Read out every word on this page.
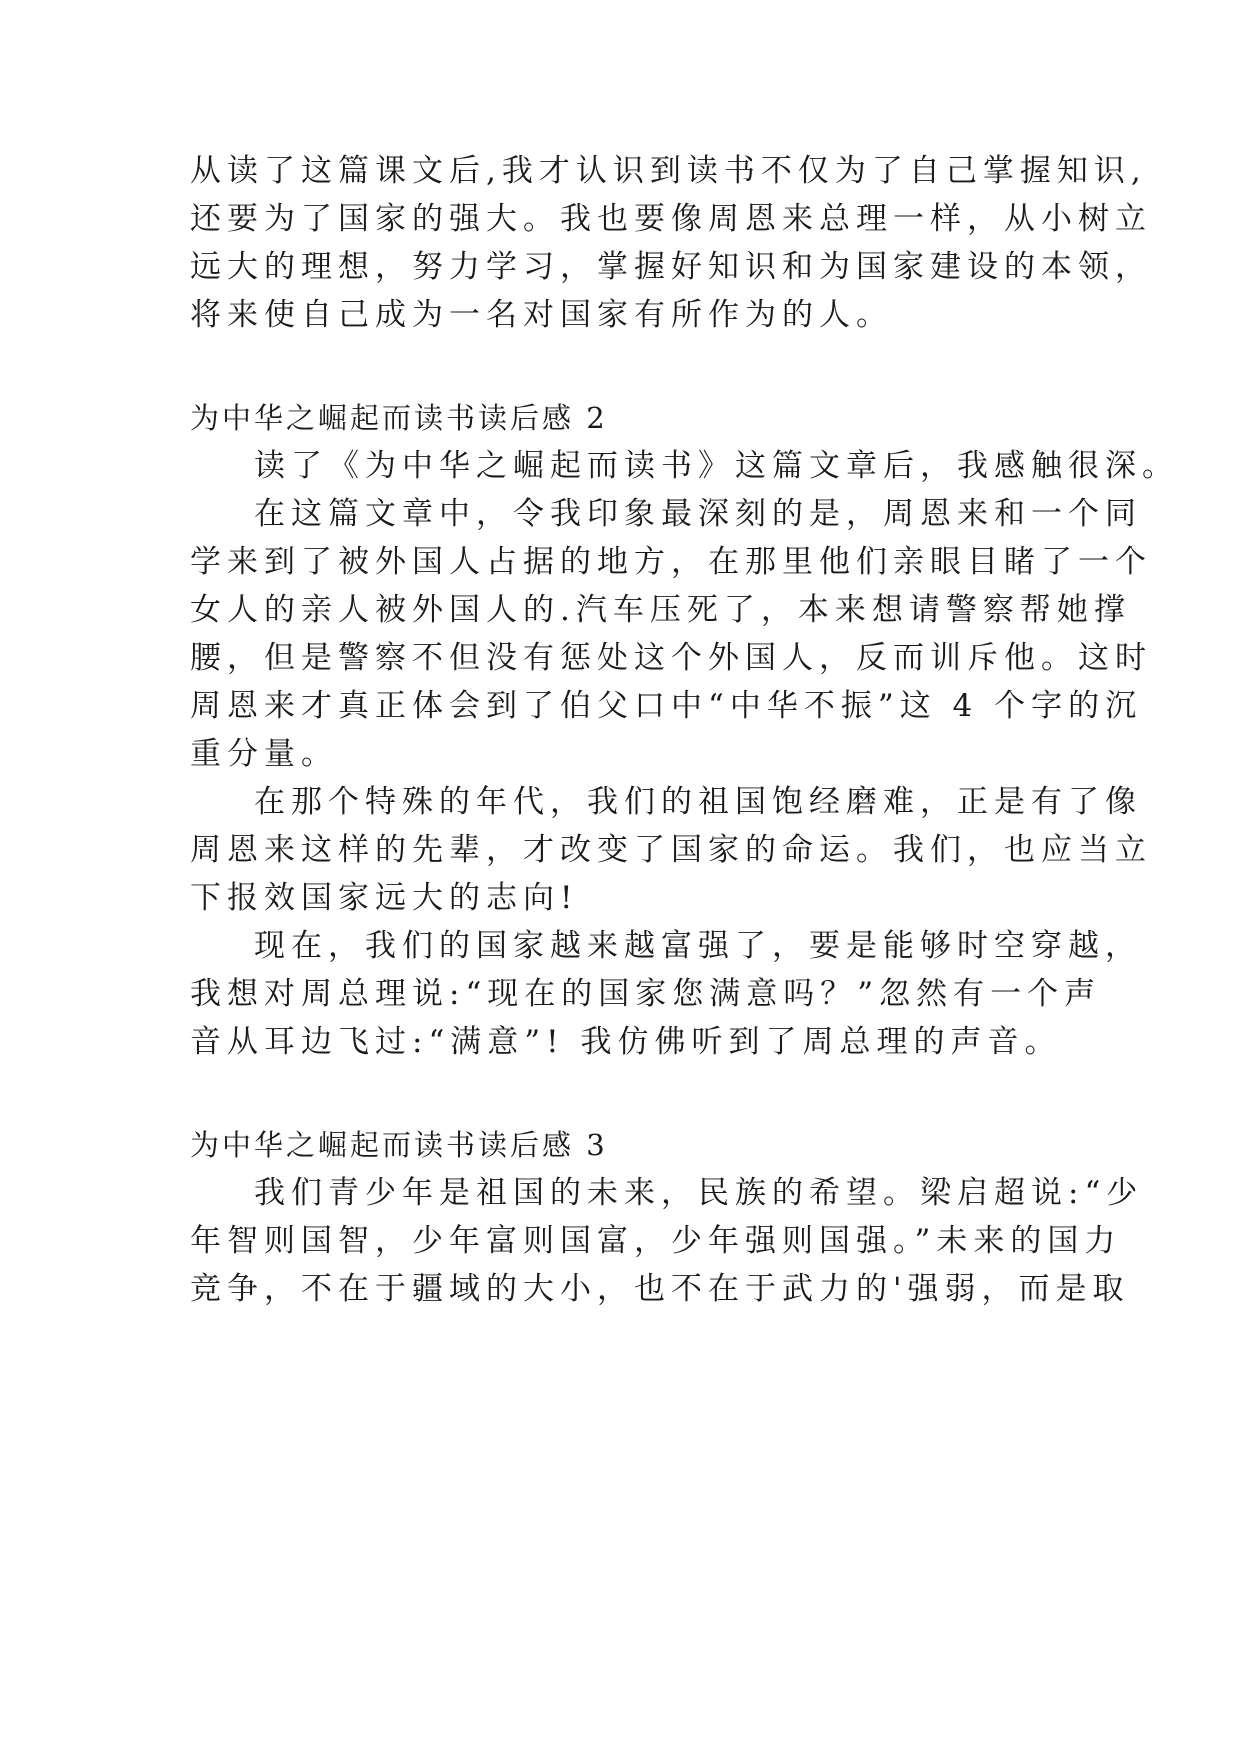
从读了这篇课文后,我才认识到读书不仅为了自己掌握知识,
还要为了国家的强大。我也要像周恩来总理一样，从小树立
远大的理想，努力学习，掌握好知识和为国家建设的本领，
将来使自己成为一名对国家有所作为的人。
为中华之崛起而读书读后感 2
读了《为中华之崛起而读书》这篇文章后，我感触很深。
在这篇文章中，令我印象最深刻的是，周恩来和一个同
学来到了被外国人占据的地方，在那里他们亲眼目睹了一个
女人的亲人被外国人的.汽车压死了，本来想请警察帮她撑
腰，但是警察不但没有惩处这个外国人，反而训斥他。这时
周恩来才真正体会到了伯父口中“中华不振”这 4 个字的沉
重分量。
在那个特殊的年代，我们的祖国饱经磨难，正是有了像
周恩来这样的先辈，才改变了国家的命运。我们，也应当立
下报效国家远大的志向!
现在，我们的国家越来越富强了，要是能够时空穿越，
我想对周总理说:“现在的国家您满意吗？”忽然有一个声
音从耳边飞过:“满意”! 我仿佛听到了周总理的声音。
为中华之崛起而读书读后感 3
我们青少年是祖国的未来，民族的希望。梁启超说:“少
年智则国智，少年富则国富，少年强则国强。”未来的国力
竞争，不在于疆域的大小，也不在于武力的'强弱，而是取
